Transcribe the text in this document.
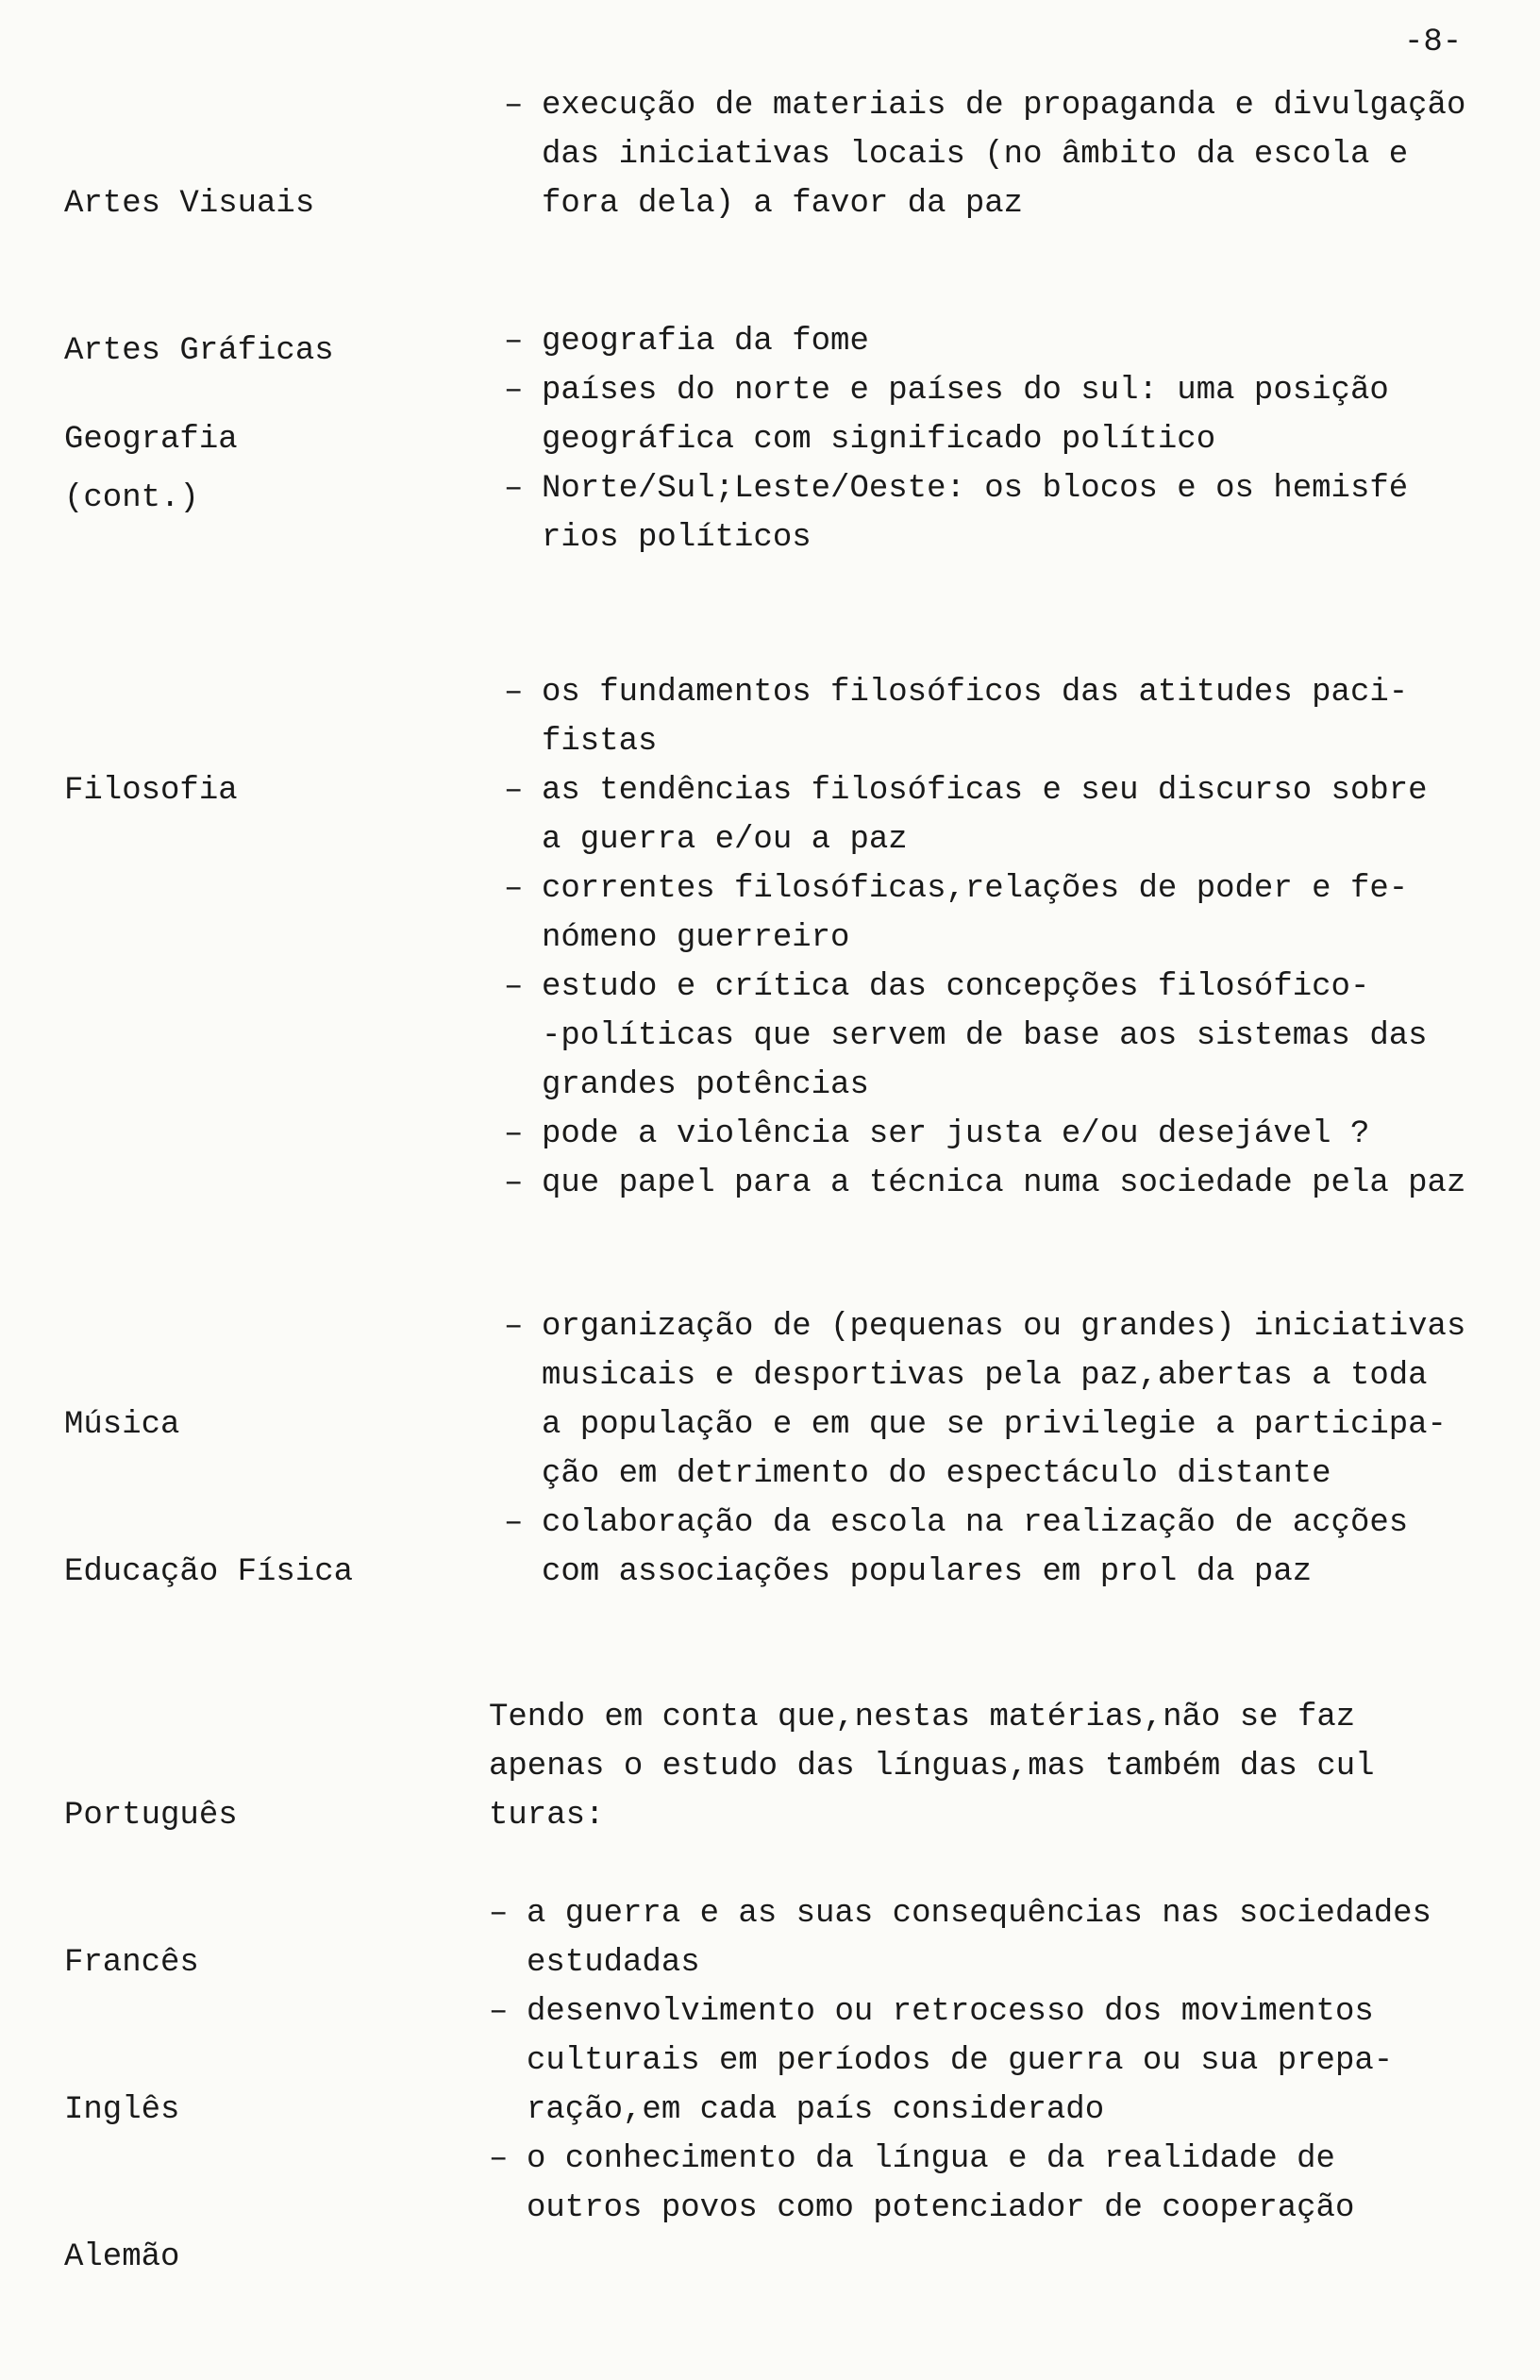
-8-

Artes Visuais

Artes Gráficas

(cont.)

– execução de materiais de propaganda e divulgação
das iniciativas locais (no âmbito da escola e
fora dela) a favor da paz

Geografia

– geografia da fome
– países do norte e países do sul: uma posição
geográfica com significado político
– Norte/Sul;Leste/Oeste: os blocos e os hemisfé
rios políticos

Filosofia

– os fundamentos filosóficos das atitudes paci-
fistas
– as tendências filosóficas e seu discurso sobre
a guerra e/ou a paz
– correntes filosóficas,relações de poder e fe-
nómeno guerreiro
– estudo e crítica das concepções filosófico-
-políticas que servem de base aos sistemas das
grandes potências
– pode a violência ser justa e/ou desejável ?
– que papel para a técnica numa sociedade pela paz

Música

Educação Física

– organização de (pequenas ou grandes) iniciativas
musicais e desportivas pela paz,abertas a toda
a população e em que se privilegie a participa-
ção em detrimento do espectáculo distante
– colaboração da escola na realização de acções
com associações populares em prol da paz

Português

Francês

Inglês

Alemão

Tendo em conta que,nestas matérias,não se faz
apenas o estudo das línguas,mas também das cul
turas:
– a guerra e as suas consequências nas sociedades
estudadas
– desenvolvimento ou retrocesso dos movimentos
culturais em períodos de guerra ou sua prepa-
ração,em cada país considerado
– o conhecimento da língua e da realidade de
outros povos como potenciador de cooperação
